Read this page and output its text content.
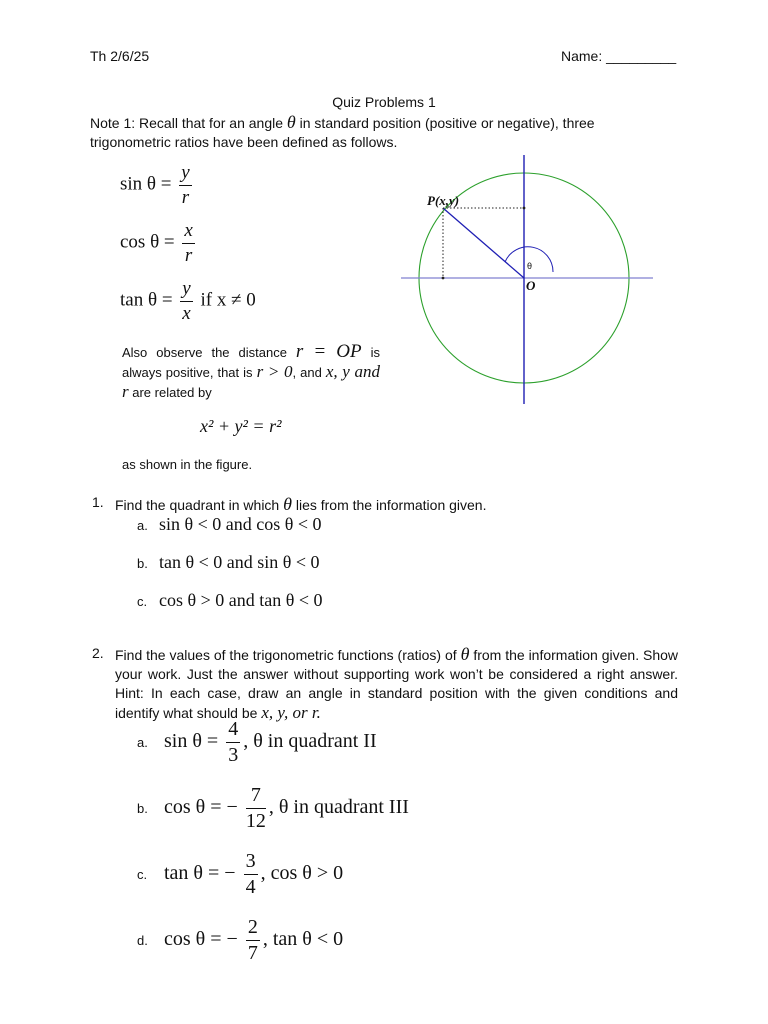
Th 2/6/25	Name: _________
Quiz Problems 1
Note 1: Recall that for an angle θ in standard position (positive or negative), three trigonometric ratios have been defined as follows.
$\sin \theta = \frac{y}{r}$
$\cos \theta = \frac{x}{r}$
$\tan \theta = \frac{y}{x}$ if x ≠ 0
Also observe the distance r = OP is always positive, that is r > 0, and x, y and r are related by
x² + y² = r²
as shown in the figure.
θ
P(x,y)
O
1. Find the quadrant in which θ lies from the information given.
a. sin θ < 0 and cos θ < 0
b. tan θ < 0 and sin θ < 0
c. cos θ > 0 and tan θ < 0
2. Find the values of the trigonometric functions (ratios) of θ from the information given. Show your work. Just the answer without supporting work won’t be considered a right answer. Hint: In each case, draw an angle in standard position with the given conditions and identify what should be x, y, or r.
a. $\sin \theta = \frac{4}{3}$ , θ in quadrant II
b. cos θ = − $\frac{7}{12}$ , θ in quadrant III
c. tan θ = − $\frac{3}{4}$ , cos θ > 0
d. cos θ = − $\frac{2}{7}$ , tan θ < 0
